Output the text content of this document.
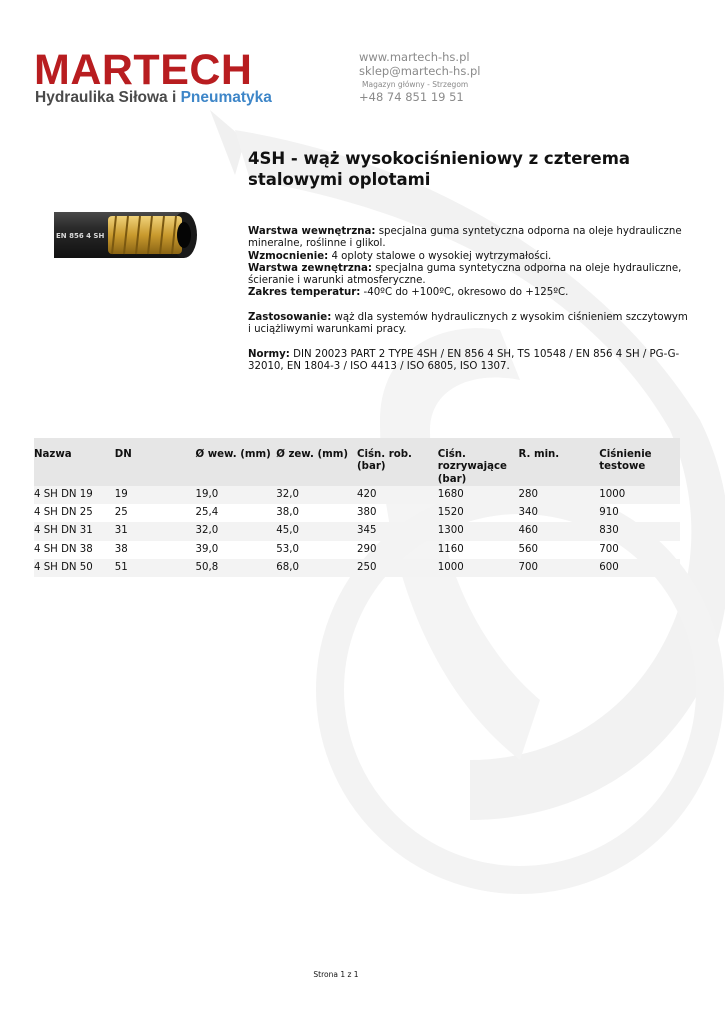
MARTECH
Hydraulika Siłowa i Pneumatyka
www.martech-hs.pl
sklep@martech-hs.pl
Magazyn główny - Strzegom
+48 74 851 19 51
4SH - wąż wysokociśnieniowy z czterema stalowymi oplotami
EN 856 4 SH	Warstwa wewnętrzna: specjalna guma syntetyczna odporna na oleje hydrauliczne mineralne, roślinne i glikol.

Wzmocnienie: 4 oploty stalowe o wysokiej wytrzymałości.

Warstwa zewnętrzna: specjalna guma syntetyczna odporna na oleje hydrauliczne, ścieranie i warunki atmosferyczne.

Zakres temperatur: -40ºC do +100ºC, okresowo do +125ºC.

Zastosowanie: wąż dla systemów hydraulicznych z wysokim ciśnieniem szczytowym i uciążliwymi warunkami pracy.

Normy: DIN 20023 PART 2 TYPE 4SH / EN 856 4 SH, TS 10548 / EN 856 4 SH / PG-G-32010, EN 1804-3 / ISO 4413 / ISO 6805, ISO 1307.

Nazwa	DN	Ø wew. (mm)	Ø zew. (mm)	Ciśn. rob. (bar)	Ciśn. rozrywające (bar)	R. min.	Ciśnienie testowe
4 SH DN 19	19	19,0	32,0	420	1680	280	1000
4 SH DN 25	25	25,4	38,0	380	1520	340	910
4 SH DN 31	31	32,0	45,0	345	1300	460	830
4 SH DN 38	38	39,0	53,0	290	1160	560	700
4 SH DN 50	51	50,8	68,0	250	1000	700	600
Strona 1 z 1
